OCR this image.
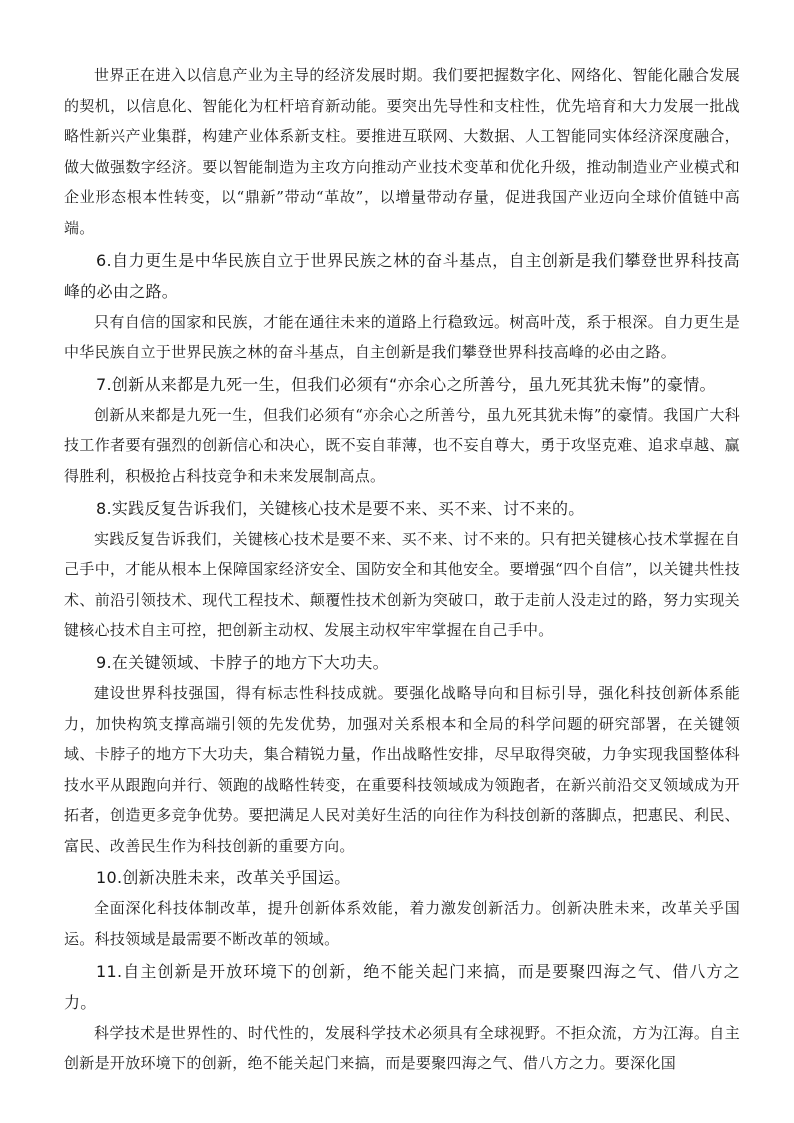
世界正在进入以信息产业为主导的经济发展时期。我们要把握数字化、网络化、智能化融合发展的契机，以信息化、智能化为杠杆培育新动能。要突出先导性和支柱性，优先培育和大力发展一批战略性新兴产业集群，构建产业体系新支柱。要推进互联网、大数据、人工智能同实体经济深度融合，做大做强数字经济。要以智能制造为主攻方向推动产业技术变革和优化升级，推动制造业产业模式和企业形态根本性转变，以“鼎新”带动“革故”，以增量带动存量，促进我国产业迈向全球价值链中高端。

6.自力更生是中华民族自立于世界民族之林的奋斗基点，自主创新是我们攀登世界科技高峰的必由之路。

只有自信的国家和民族，才能在通往未来的道路上行稳致远。树高叶茂，系于根深。自力更生是中华民族自立于世界民族之林的奋斗基点，自主创新是我们攀登世界科技高峰的必由之路。

7.创新从来都是九死一生，但我们必须有“亦余心之所善兮，虽九死其犹未悔”的豪情。

创新从来都是九死一生，但我们必须有“亦余心之所善兮，虽九死其犹未悔”的豪情。我国广大科技工作者要有强烈的创新信心和决心，既不妄自菲薄，也不妄自尊大，勇于攻坚克难、追求卓越、赢得胜利，积极抢占科技竞争和未来发展制高点。

8.实践反复告诉我们，关键核心技术是要不来、买不来、讨不来的。

实践反复告诉我们，关键核心技术是要不来、买不来、讨不来的。只有把关键核心技术掌握在自己手中，才能从根本上保障国家经济安全、国防安全和其他安全。要增强“四个自信”，以关键共性技术、前沿引领技术、现代工程技术、颠覆性技术创新为突破口，敢于走前人没走过的路，努力实现关键核心技术自主可控，把创新主动权、发展主动权牢牢掌握在自己手中。

9.在关键领域、卡脖子的地方下大功夫。

建设世界科技强国，得有标志性科技成就。要强化战略导向和目标引导，强化科技创新体系能力，加快构筑支撑高端引领的先发优势，加强对关系根本和全局的科学问题的研究部署，在关键领域、卡脖子的地方下大功夫，集合精锐力量，作出战略性安排，尽早取得突破，力争实现我国整体科技水平从跟跑向并行、领跑的战略性转变，在重要科技领域成为领跑者，在新兴前沿交叉领域成为开拓者，创造更多竞争优势。要把满足人民对美好生活的向往作为科技创新的落脚点，把惠民、利民、富民、改善民生作为科技创新的重要方向。

10.创新决胜未来，改革关乎国运。

全面深化科技体制改革，提升创新体系效能，着力激发创新活力。创新决胜未来，改革关乎国运。科技领域是最需要不断改革的领域。

11.自主创新是开放环境下的创新，绝不能关起门来搞，而是要聚四海之气、借八方之力。

科学技术是世界性的、时代性的，发展科学技术必须具有全球视野。不拒众流，方为江海。自主创新是开放环境下的创新，绝不能关起门来搞，而是要聚四海之气、借八方之力。要深化国
